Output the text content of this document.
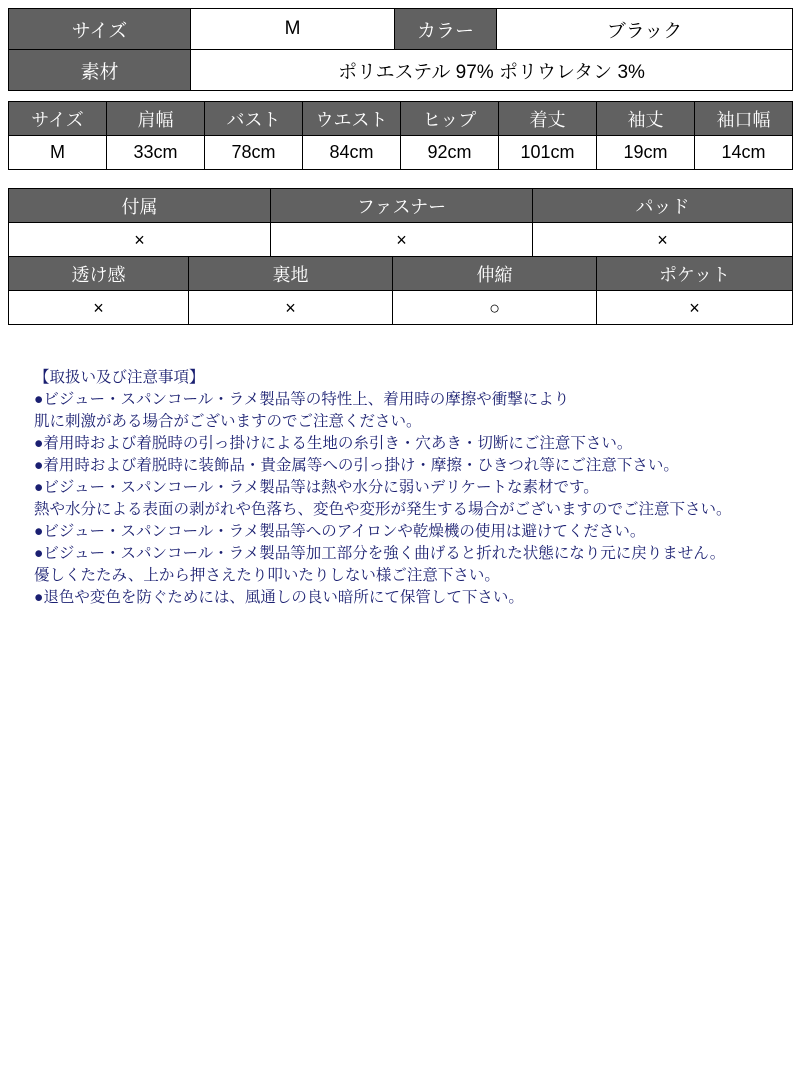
サイズ	M	カラー	ブラック
素材	ポリエステル 97% ポリウレタン 3%		
サイズ	肩幅	バスト	ウエスト	ヒップ	着丈	袖丈	袖口幅
M	33cm	78cm	84cm	92cm	101cm	19cm	14cm
付属	ファスナー	パッド
×	×	×
透け感	裏地	伸縮	ポケット
×	×	○	×
【取扱い及び注意事項】
●ビジュー・スパンコール・ラメ製品等の特性上、着用時の摩擦や衝撃により
肌に刺激がある場合がございますのでご注意ください。
●着用時および着脱時の引っ掛けによる生地の糸引き・穴あき・切断にご注意下さい。
●着用時および着脱時に装飾品・貴金属等への引っ掛け・摩擦・ひきつれ等にご注意下さい。
●ビジュー・スパンコール・ラメ製品等は熱や水分に弱いデリケートな素材です。
熱や水分による表面の剥がれや色落ち、変色や変形が発生する場合がございますのでご注意下さい。
●ビジュー・スパンコール・ラメ製品等へのアイロンや乾燥機の使用は避けてください。
●ビジュー・スパンコール・ラメ製品等加工部分を強く曲げると折れた状態になり元に戻りません。
優しくたたみ、上から押さえたり叩いたりしない様ご注意下さい。
●退色や変色を防ぐためには、風通しの良い暗所にて保管して下さい。
